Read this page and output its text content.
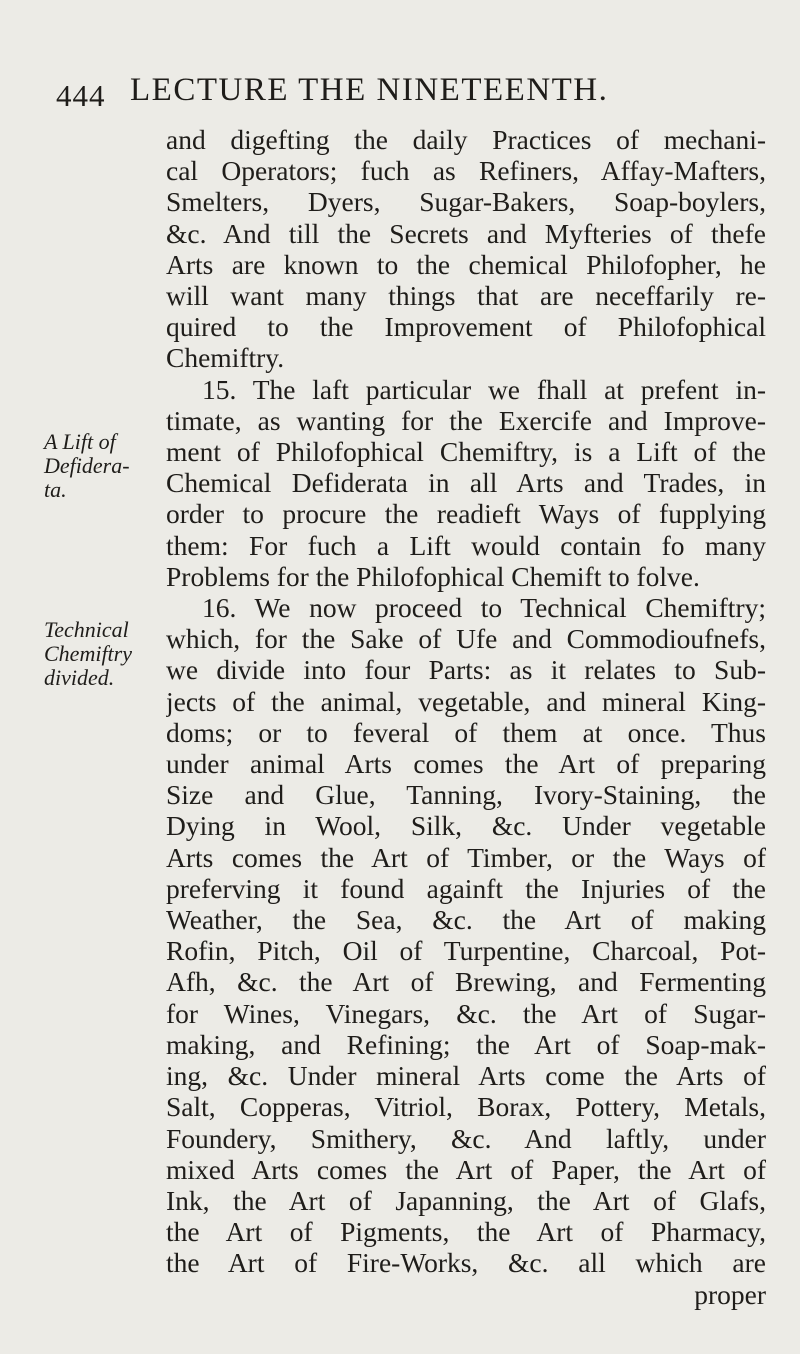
444 LECTURE THE NINETEENTH.
A Lift of
Defidera-
ta.
Technical
Chemiftry
divided.
and digefting the daily Practices of mechani-
cal Operators; fuch as Refiners, Affay-Mafters,
Smelters, Dyers, Sugar-Bakers, Soap-boylers,
&c. And till the Secrets and Myfteries of thefe
Arts are known to the chemical Philofopher, he
will want many things that are neceffarily re-
quired to the Improvement of Philofophical
Chemiftry.
15. The laft particular we fhall at prefent in-
timate, as wanting for the Exercife and Improve-
ment of Philofophical Chemiftry, is a Lift of the
Chemical Defiderata in all Arts and Trades, in
order to procure the readieft Ways of fupplying
them: For fuch a Lift would contain fo many
Problems for the Philofophical Chemift to folve.
16. We now proceed to Technical Chemiftry;
which, for the Sake of Ufe and Commodioufnefs,
we divide into four Parts: as it relates to Sub-
jects of the animal, vegetable, and mineral King-
doms; or to feveral of them at once. Thus
under animal Arts comes the Art of preparing
Size and Glue, Tanning, Ivory-Staining, the
Dying in Wool, Silk, &c. Under vegetable
Arts comes the Art of Timber, or the Ways of
preferving it found againft the Injuries of the
Weather, the Sea, &c. the Art of making
Rofin, Pitch, Oil of Turpentine, Charcoal, Pot-
Afh, &c. the Art of Brewing, and Fermenting
for Wines, Vinegars, &c. the Art of Sugar-
making, and Refining; the Art of Soap-mak-
ing, &c. Under mineral Arts come the Arts of
Salt, Copperas, Vitriol, Borax, Pottery, Metals,
Foundery, Smithery, &c. And laftly, under
mixed Arts comes the Art of Paper, the Art of
Ink, the Art of Japanning, the Art of Glafs,
the Art of Pigments, the Art of Pharmacy,
the Art of Fire-Works, &c. all which are
proper
